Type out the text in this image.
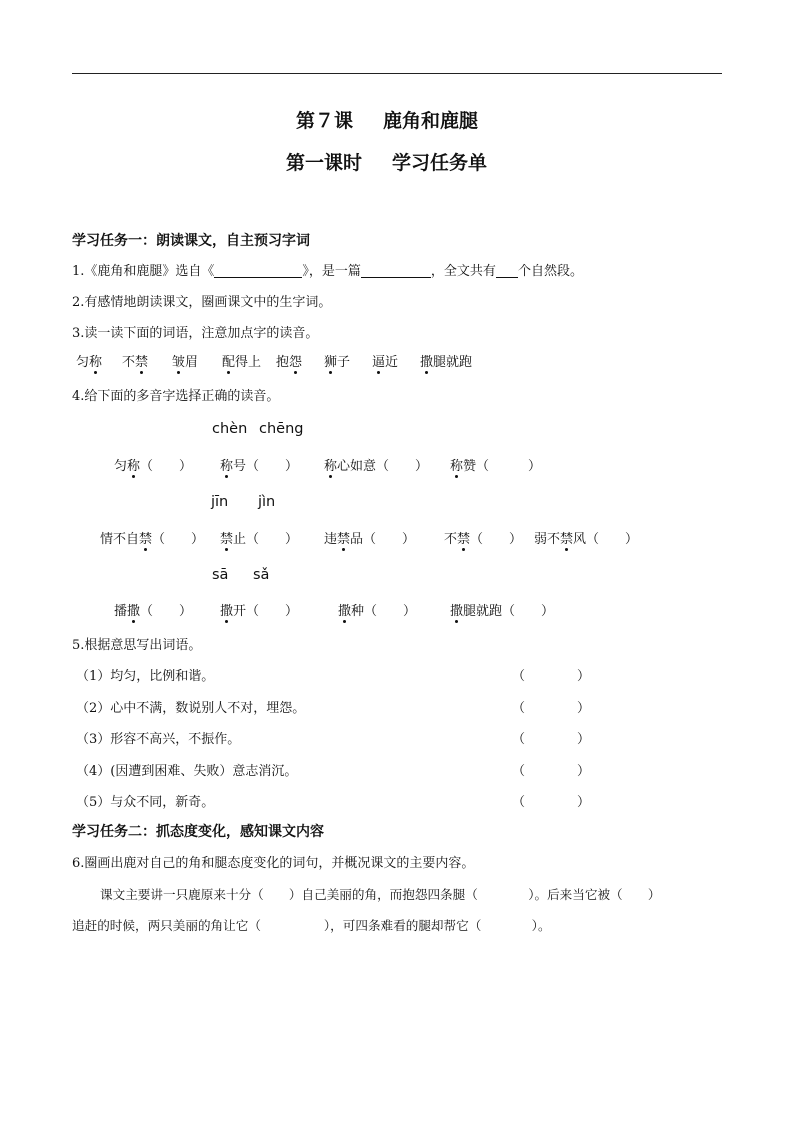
第７课 鹿角和鹿腿
第一课时 学习任务单
学习任务一：朗读课文，自主预习字词
1.《鹿角和鹿腿》选自《	》，是一篇	，全文共有 个自然段。
2.有感情地朗读课文，圈画课文中的生字词。
3.读一读下面的词语，注意加点字的读音。
匀称 不禁 皱眉 配得上 抱怨 狮子 逼近 撒腿就跑
4.给下面的多音字选择正确的读音。
chèn chēng
匀称（　　） 称号（　　） 称心如意（　　） 称赞（　　　）
jīn jìn
情不自禁（　　） 禁止（　　） 违禁品（　　） 不禁（　　） 弱不禁风（　　）
sā sǎ
播撒（　　） 撒开（　　）	撒种（　　）	撒腿就跑（　　）
5.根据意思写出词语。
（1）均匀，比例和谐。	（　　　　）
（2）心中不满，数说别人不对，埋怨。	（　　　　）
（3）形容不高兴，不振作。	（　　　　）
（4）(因遭到困难、失败）意志消沉。	（　　　　）
（5）与众不同，新奇。	（　　　　）
学习任务二：抓态度变化，感知课文内容
6.圈画出鹿对自己的角和腿态度变化的词句，并概况课文的主要内容。
课文主要讲一只鹿原来十分（　　）自己美丽的角，而抱怨四条腿（　　　　）。后来当它被（　　）
追赶的时候，两只美丽的角让它（　　　　　），可四条难看的腿却帮它（　　　　）。
